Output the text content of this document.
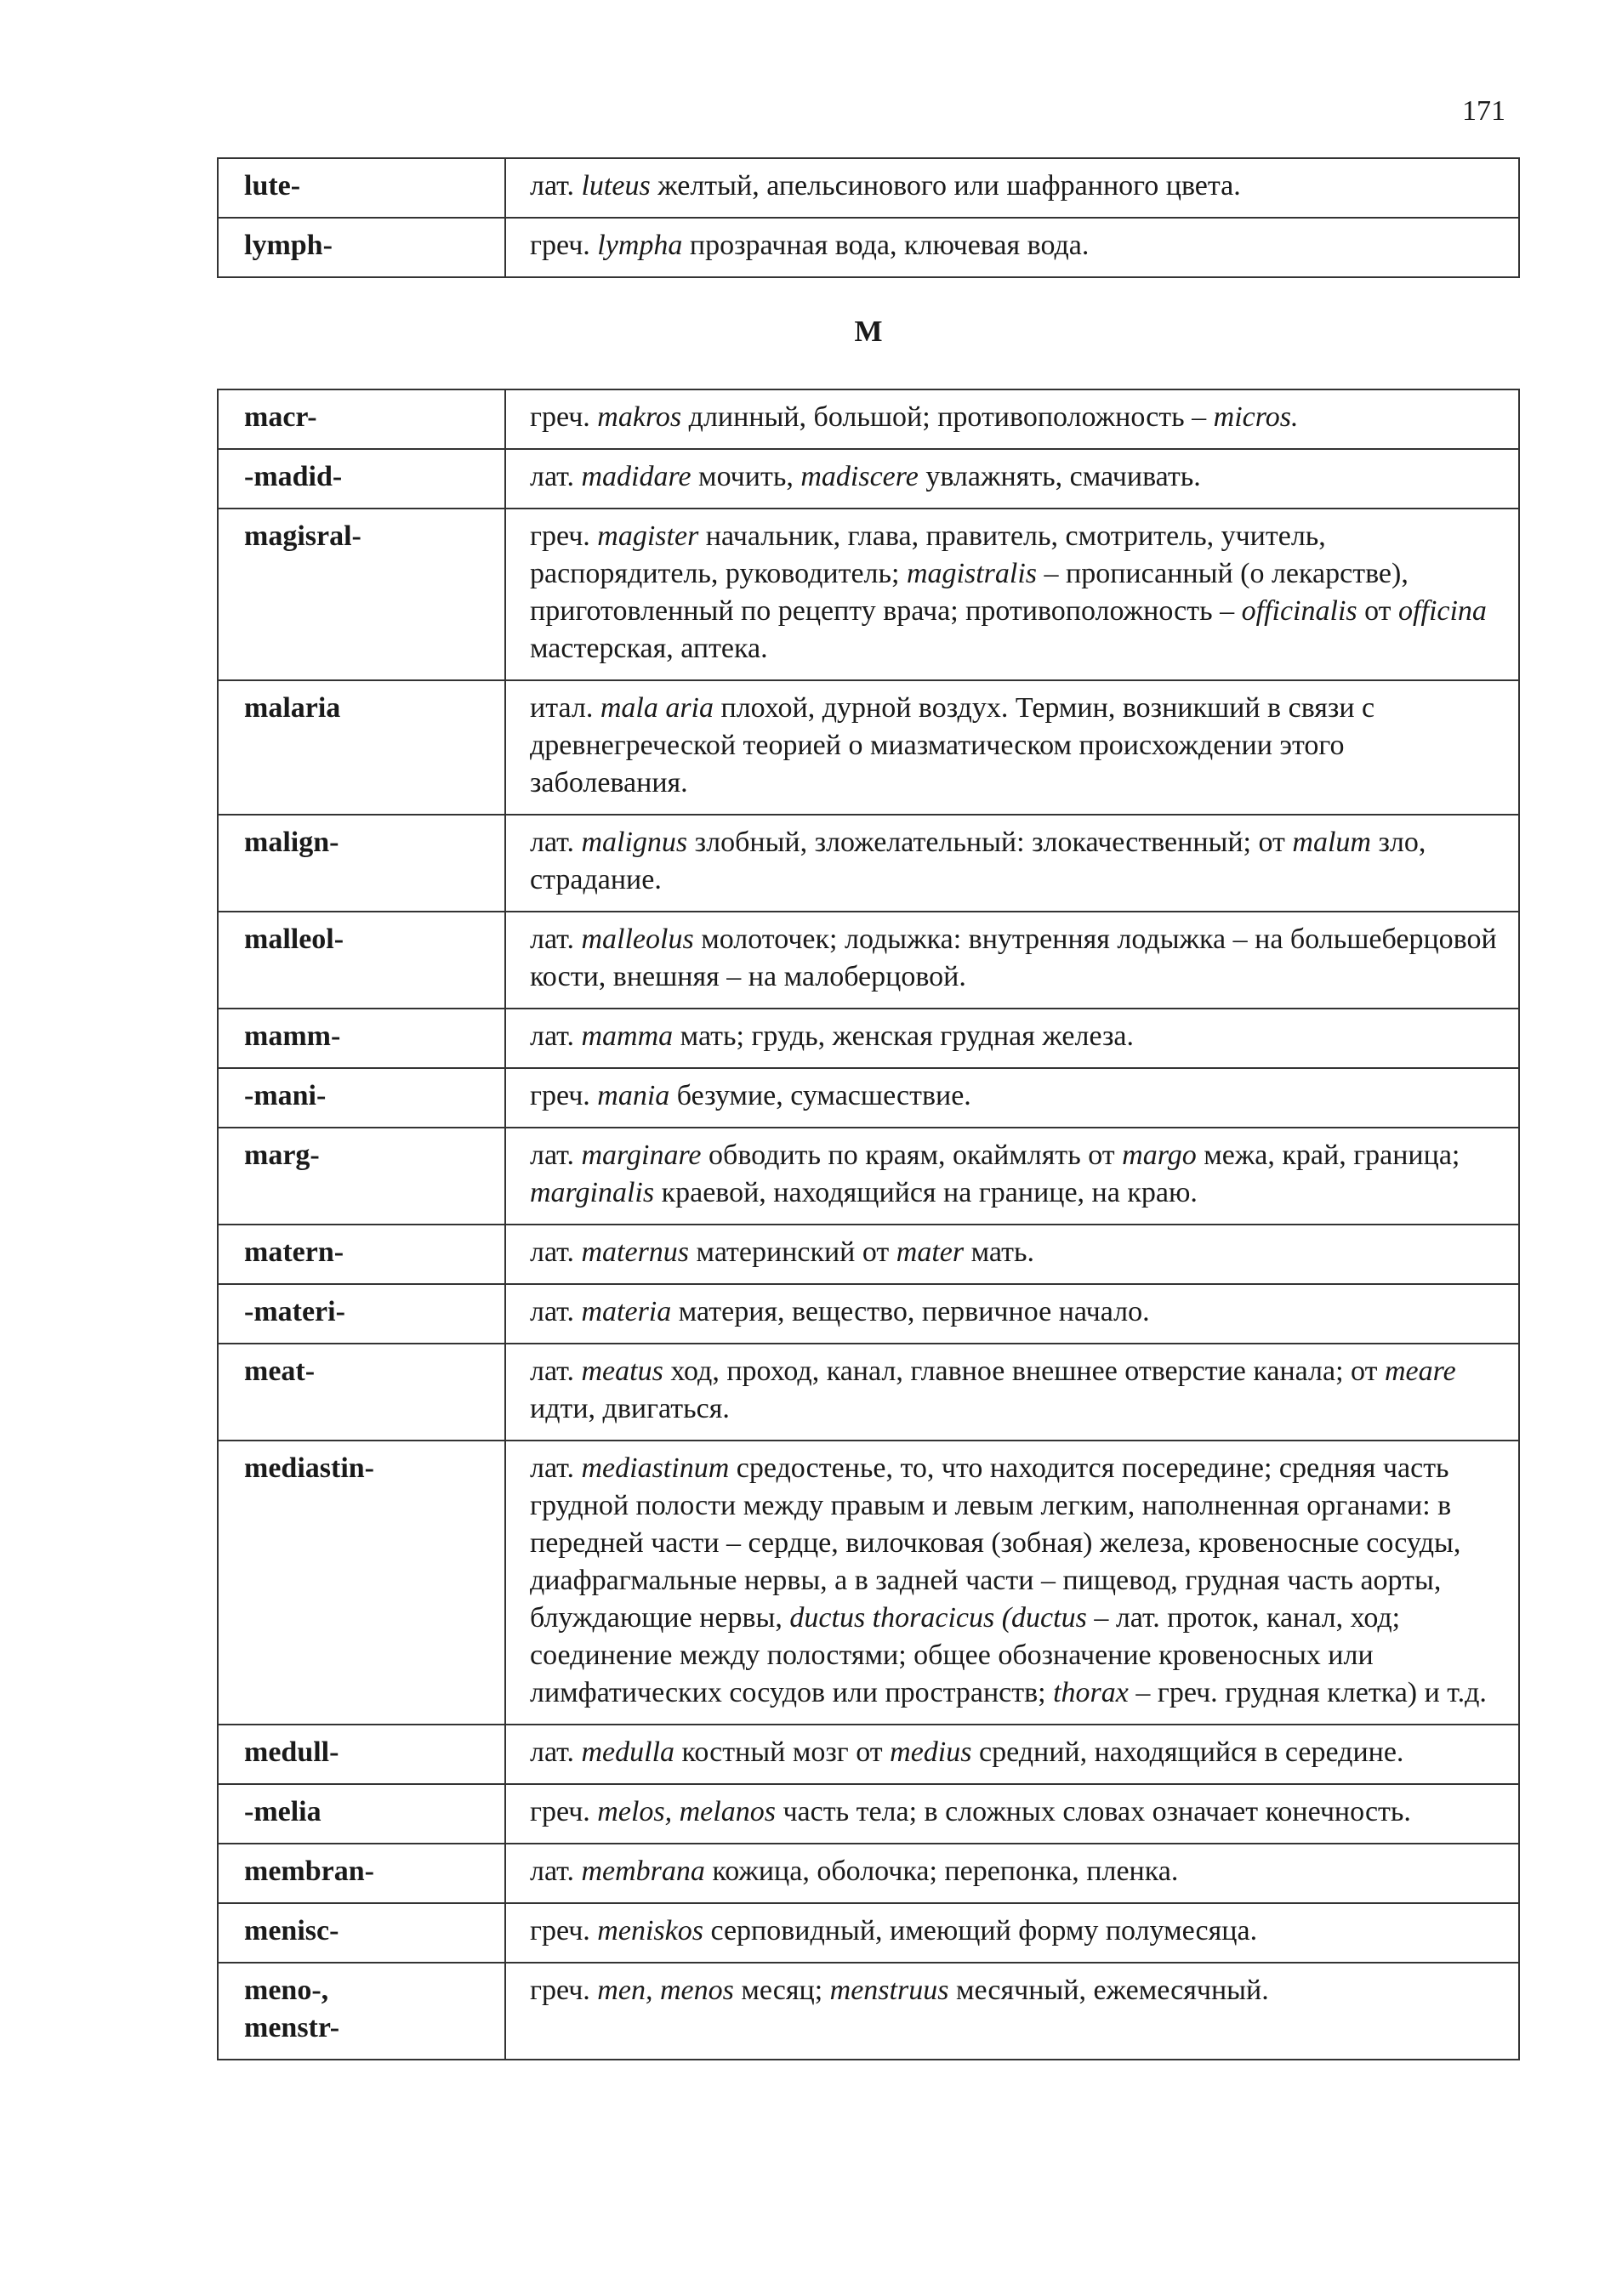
171
lute-	лат. luteus желтый, апельсинового или шафранного цвета.

lymph-	греч. lympha прозрачная вода, ключевая вода.
M
macr-	греч. makros длинный, большой; противоположность – micros.

-madid-	лат. madidare мочить, madiscere увлажнять, смачивать.

magisral-	греч. magister начальник, глава, правитель, смотритель, учитель, распорядитель, руководитель; magistralis – прописанный (о лекарстве), приготовленный по рецепту врача; противоположность – officinalis от officina мастерская, аптека.

malaria	итал. mala aria плохой, дурной воздух. Термин, возникший в связи с древнегреческой теорией о миазматическом происхождении этого заболевания.

malign-	лат. malignus злобный, зложелательный: злокачественный; от malum зло, страдание.

malleol-	лат. malleolus молоточек; лодыжка: внутренняя лодыжка – на большеберцовой кости, внешняя – на малоберцовой.

mamm-	лат. mamma мать; грудь, женская грудная железа.

-mani-	греч. mania безумие, сумасшествие.

marg-	лат. marginare обводить по краям, окаймлять от margo межа, край, граница; marginalis краевой, находящийся на границе, на краю.

matern-	лат. maternus материнский от mater мать.

-materi-	лат. materia материя, вещество, первичное начало.

meat-	лат. meatus ход, проход, канал, главное внешнее отверстие канала; от meare идти, двигаться.

mediastin-	лат. mediastinum средостенье, то, что находится посередине; средняя часть грудной полости между правым и левым легким, наполненная органами: в передней части – сердце, вилочковая (зобная) железа, кровеносные сосуды, диафрагмальные нервы, а в задней части – пищевод, грудная часть аорты, блуждающие нервы, ductus thoracicus (ductus – лат. проток, канал, ход; соединение между полостями; общее обозначение кровеносных или лимфатических сосудов или пространств; thorax – греч. грудная клетка) и т.д.

medull-	лат. medulla костный мозг от medius средний, находящийся в середине.

-melia	греч. melos, melanos часть тела; в сложных словах означает конечность.

membran-	лат. membrana кожица, оболочка; перепонка, пленка.

menisc-	греч. meniskos серповидный, имеющий форму полумесяца.

meno-,
menstr-	греч. men, menos месяц; menstruus месячный, ежемесячный.
